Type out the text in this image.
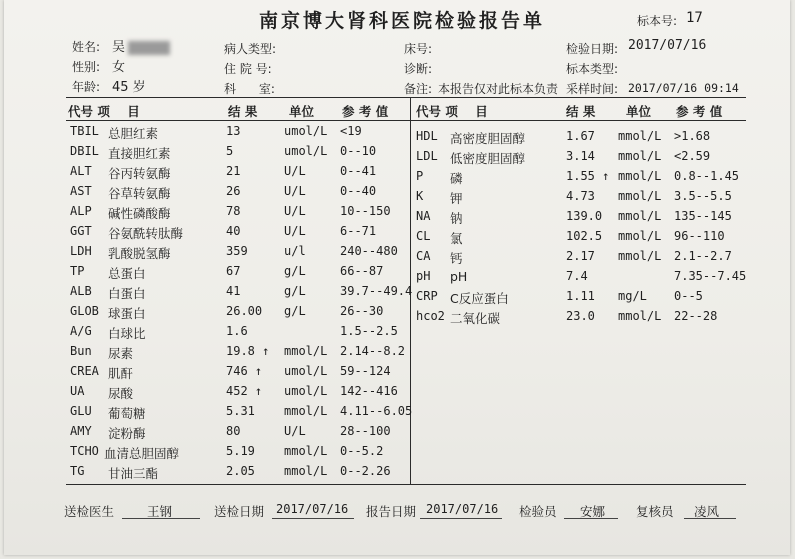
南京博大肾科医院检验报告单	标本号: 17
姓名: 吴
性别: 女
年龄: 45 岁
病人类型:
住 院 号:
科      室:
床号:
诊断:
备注: 本报告仅对此标本负责
检验日期: 2017/07/16
标本类型:
采样时间: 2017/07/16 09:14
代号 项    目	结 果	单位 参 考 值 代号 项    目	结 果 单位 参 考 值
TBIL 总胆红素	13	umol/L <19
DBIL 直接胆红素	5	umol/L 0--10
ALT 谷丙转氨酶	21	U/L	0--41
AST 谷草转氨酶	26	U/L	0--40
ALP 碱性磷酸酶	78	U/L	10--150
GGT 谷氨酰转肽酶	40	U/L	6--71
LDH 乳酸脱氢酶	359	u/l	240--480
TP 总蛋白	67	g/L	66--87
ALB 白蛋白	41	g/L	39.7--49.4
GLOB 球蛋白	26.00 g/L	26--30
A/G 白球比	1.6	1.5--2.5
Bun 尿素	19.8 ↑ mmol/L 2.14--8.2
CREA 肌酐	746 ↑ umol/L 59--124
UA 尿酸	452 ↑ umol/L 142--416
GLU 葡萄糖	5.31 mmol/L 4.11--6.05
AMY 淀粉酶	80	U/L	28--100
TCHO 血清总胆固醇	5.19 mmol/L 0--5.2
TG 甘油三酯	2.05 mmol/L 0--2.26
HDL 高密度胆固醇	1.67 mmol/L >1.68
LDL 低密度胆固醇	3.14 mmol/L <2.59
P 磷	1.55 ↑ mmol/L 0.8--1.45
K 钾	4.73 mmol/L 3.5--5.5
NA 钠	139.0 mmol/L 135--145
CL 氯	102.5 mmol/L 96--110
CA 钙	2.17 mmol/L 2.1--2.7
pH pH	7.4	7.35--7.45
CRP C反应蛋白	1.11 mg/L 0--5
hco2 二氧化碳	23.0 mmol/L 22--28
送检医生	王钢	送检日期 2017/07/16 报告日期 2017/07/16 检验员 安娜 复核员 凌风
